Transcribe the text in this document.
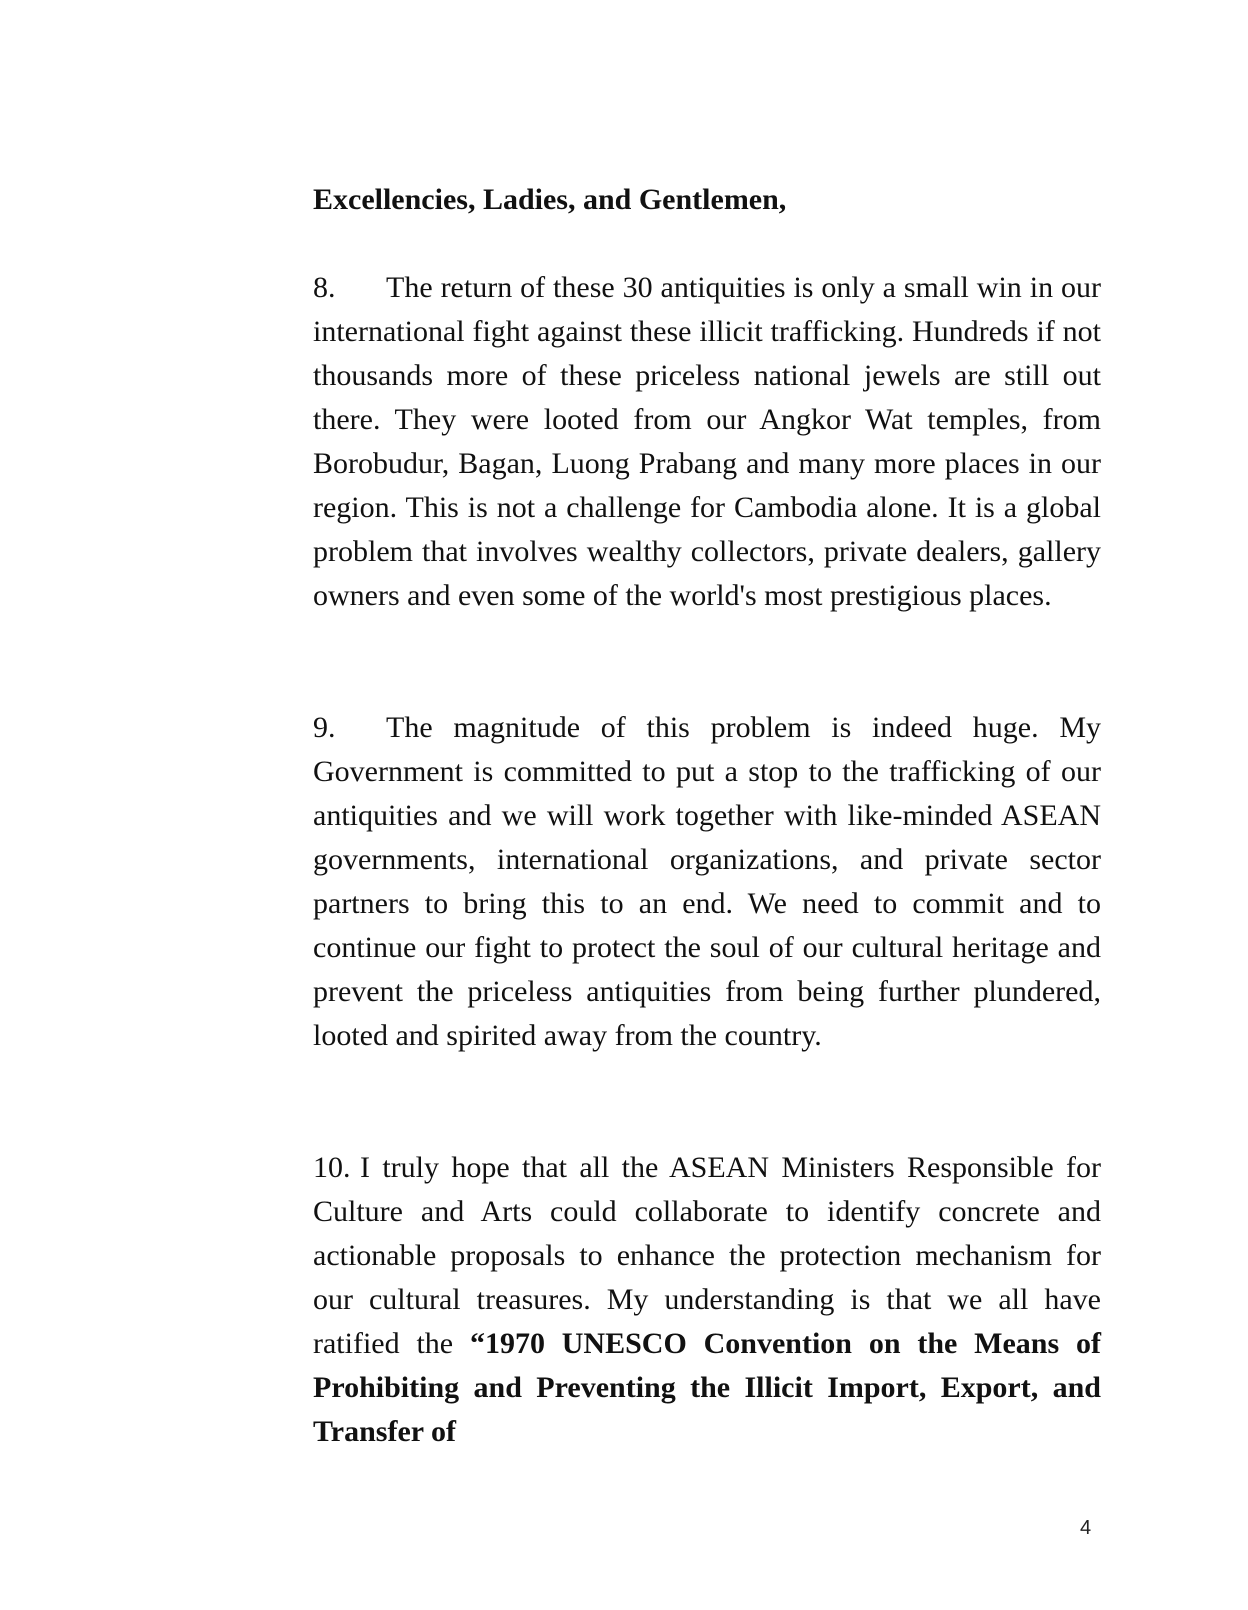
Excellencies, Ladies, and Gentlemen,

8. The return of these 30 antiquities is only a small win in our international fight against these illicit trafficking. Hundreds if not thousands more of these priceless national jewels are still out there. They were looted from our Angkor Wat temples, from Borobudur, Bagan, Luong Prabang and many more places in our region. This is not a challenge for Cambodia alone. It is a global problem that involves wealthy collectors, private dealers, gallery owners and even some of the world's most prestigious places.

9. The magnitude of this problem is indeed huge. My Government is committed to put a stop to the trafficking of our antiquities and we will work together with like-minded ASEAN governments, international organizations, and private sector partners to bring this to an end. We need to commit and to continue our fight to protect the soul of our cultural heritage and prevent the priceless antiquities from being further plundered, looted and spirited away from the country.

10. I truly hope that all the ASEAN Ministers Responsible for Culture and Arts could collaborate to identify concrete and actionable proposals to enhance the protection mechanism for our cultural treasures. My understanding is that we all have ratified the “1970 UNESCO Convention on the Means of Prohibiting and Preventing the Illicit Import, Export, and Transfer of

4
